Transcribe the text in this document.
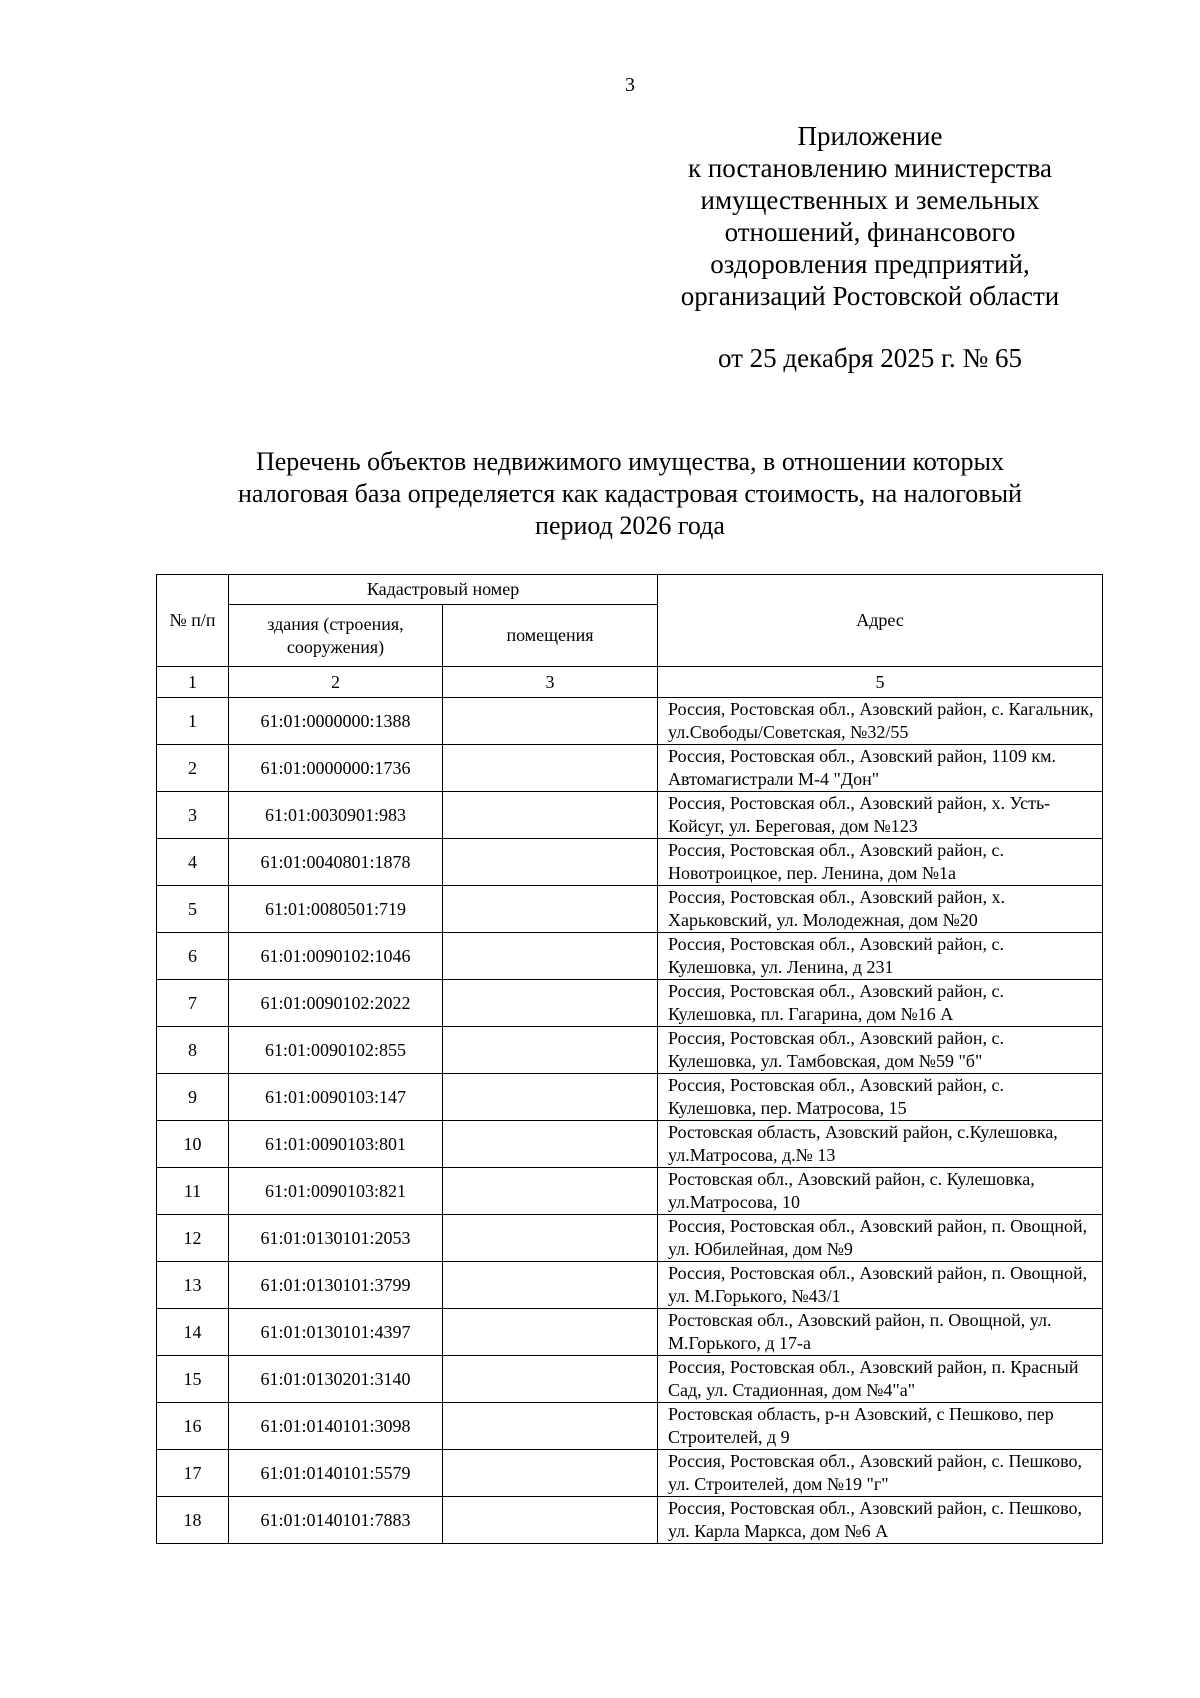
3
Приложение
к постановлению министерства
имущественных и земельных
отношений, финансового
оздоровления предприятий,
организаций Ростовской области
от 25 декабря 2025 г. № 65
Перечень объектов недвижимого имущества, в отношении которых
налоговая база определяется как кадастровая стоимость, на налоговый
период 2026 года
№ п/п	Кадастровый номер		Адрес
	здания (строения, сооружения)	помещения	
1	2	3	5
1	61:01:0000000:1388		Россия, Ростовская обл., Азовский район, с. Кагальник, ул.Свободы/Советская, №32/55
2	61:01:0000000:1736		Россия, Ростовская обл., Азовский район, 1109 км. Автомагистрали М-4 "Дон"
3	61:01:0030901:983		Россия, Ростовская обл., Азовский район, х. Усть-Койсуг, ул. Береговая, дом №123
4	61:01:0040801:1878		Россия, Ростовская обл., Азовский район, с. Новотроицкое, пер. Ленина, дом №1а
5	61:01:0080501:719		Россия, Ростовская обл., Азовский район, х. Харьковский, ул. Молодежная, дом №20
6	61:01:0090102:1046		Россия, Ростовская обл., Азовский район, с. Кулешовка, ул. Ленина, д 231
7	61:01:0090102:2022		Россия, Ростовская обл., Азовский район, с. Кулешовка, пл. Гагарина, дом №16 А
8	61:01:0090102:855		Россия, Ростовская обл., Азовский район, с. Кулешовка, ул. Тамбовская, дом №59 "б"
9	61:01:0090103:147		Россия, Ростовская обл., Азовский район, с. Кулешовка, пер. Матросова, 15
10	61:01:0090103:801		Ростовская область, Азовский район, с.Кулешовка, ул.Матросова, д.№ 13
11	61:01:0090103:821		Ростовская обл., Азовский район, с. Кулешовка, ул.Матросова, 10
12	61:01:0130101:2053		Россия, Ростовская обл., Азовский район, п. Овощной, ул. Юбилейная, дом №9
13	61:01:0130101:3799		Россия, Ростовская обл., Азовский район, п. Овощной, ул. М.Горького, №43/1
14	61:01:0130101:4397		Ростовская обл., Азовский район, п. Овощной, ул. М.Горького, д 17-а
15	61:01:0130201:3140		Россия, Ростовская обл., Азовский район, п. Красный Сад, ул. Стадионная, дом №4"а"
16	61:01:0140101:3098		Ростовская область, р-н Азовский, с Пешково, пер Строителей, д 9
17	61:01:0140101:5579		Россия, Ростовская обл., Азовский район, с. Пешково, ул. Строителей, дом №19 "г"
18	61:01:0140101:7883		Россия, Ростовская обл., Азовский район, с. Пешково, ул. Карла Маркса, дом №6 А
